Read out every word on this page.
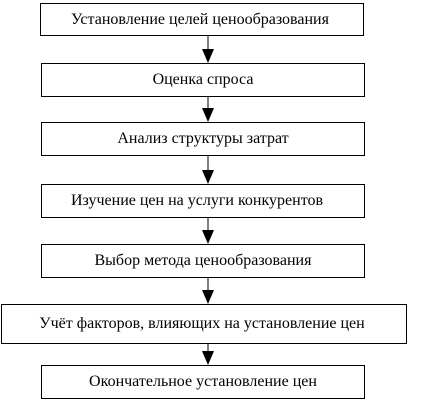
Установление целей ценообразования
Оценка спроса
Анализ структуры затрат
Изучение цен на услуги конкурентов
Выбор метода ценообразования
Учёт факторов, влияющих на установление цен
Окончательное установление цен
